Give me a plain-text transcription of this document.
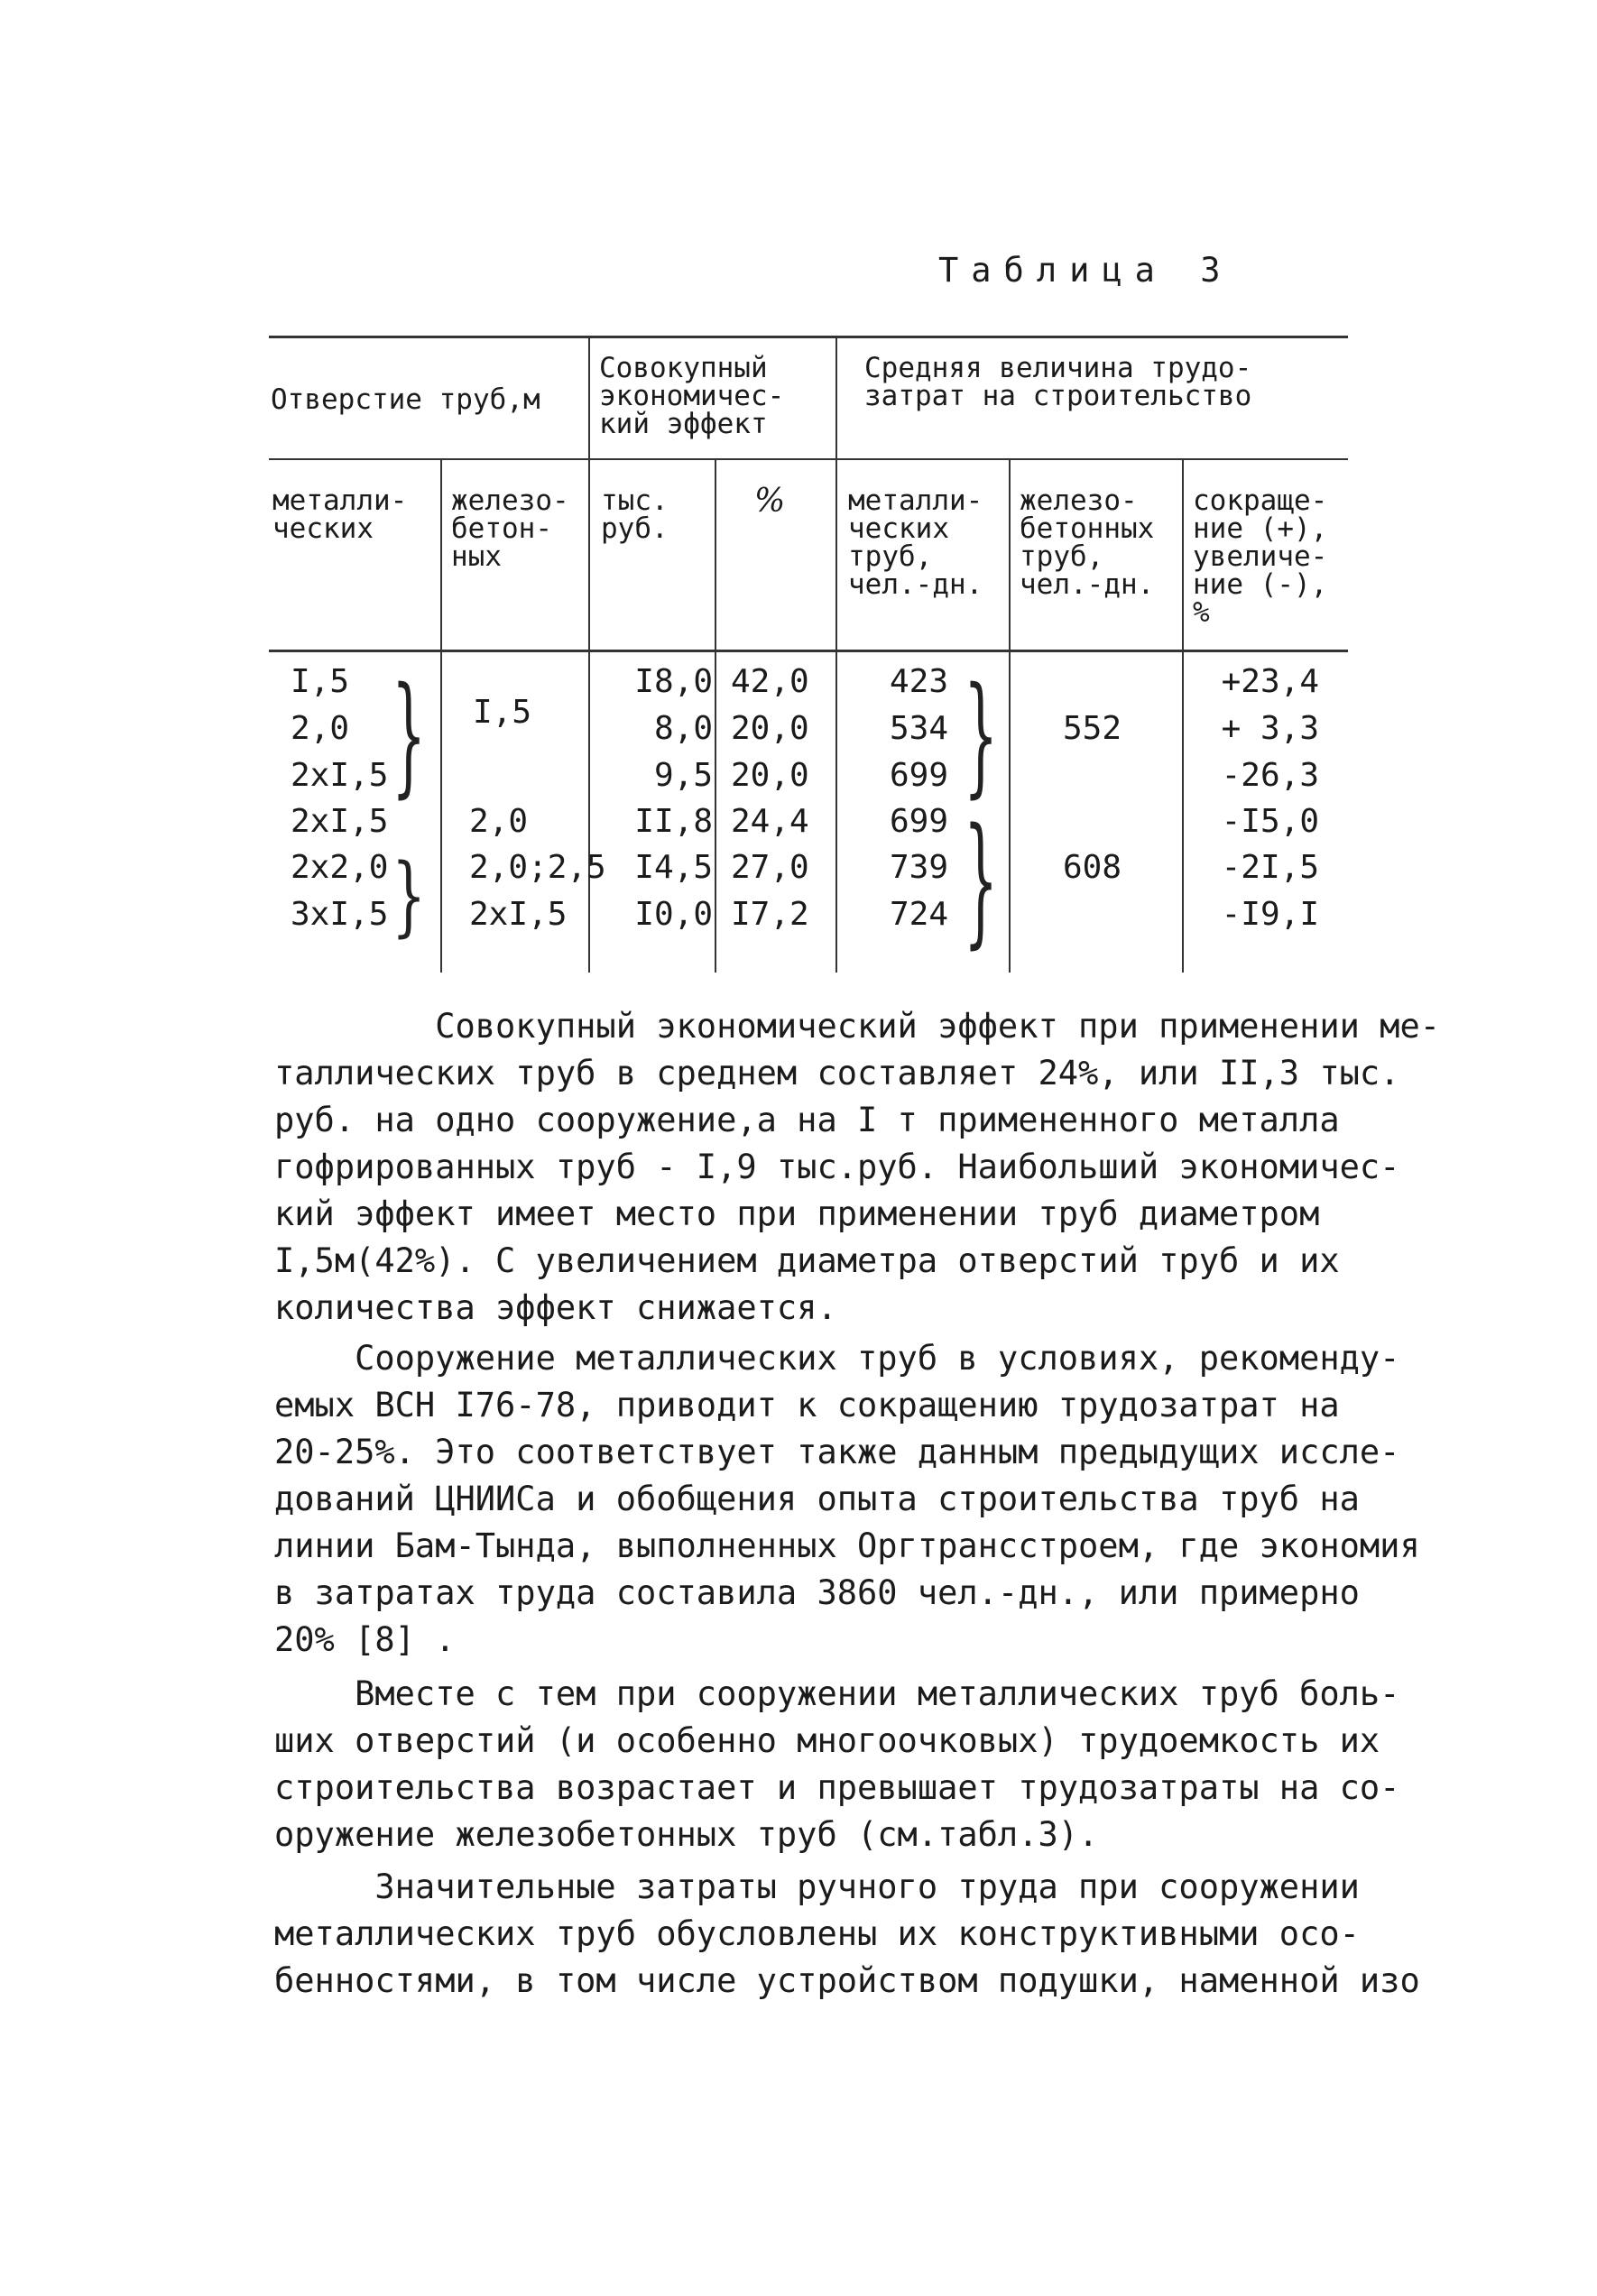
Таблица 3
Отверстие труб,м
Совокупный
экономичес-
кий эффект
Средняя величина трудо-
затрат на строительство
металли-
ческих
железо-
бетон-
ных
тыс.
руб.
% металли-
ческих
труб,
чел.-дн.
железо-
бетонных
труб,
чел.-дн.
сокраще-
ние (+),
увеличе-
ние (-),
%
I,5
2,0
2xI,5
2xI,5
2x2,0
3xI,5
}
}
}
}
I,5
2,0
2,0;2,5
2xI,5
I8,0
8,0
9,5
II,8
I4,5
I0,0
42,0
20,0
20,0
24,4
27,0
I7,2
423
534
699
699
739
724
552
608
+23,4
+ 3,3
-26,3
-I5,0
-2I,5
-I9,I
Совокупный экономический эффект при применении ме-
таллических труб в среднем составляет 24%, или II,3 тыс.
руб. на одно сооружение,а на I т примененного металла
гофрированных труб - I,9 тыс.руб. Наибольший экономичес-
кий эффект имеет место при применении труб диаметром
I,5м(42%). С увеличением диаметра отверстий труб и их
количества эффект снижается.
Сооружение металлических труб в условиях, рекоменду-
емых ВСН I76-78, приводит к сокращению трудозатрат на
20-25%. Это соответствует также данным предыдущих иссле-
дований ЦНИИСа и обобщения опыта строительства труб на
линии Бам-Тында, выполненных Оргтрансстроем, где экономия
в затратах труда составила 3860 чел.-дн., или примерно
20% [8] .
Вместе с тем при сооружении металлических труб боль-
ших отверстий (и особенно многоочковых) трудоемкость их
строительства возрастает и превышает трудозатраты на со-
оружение железобетонных труб (см.табл.3).
Значительные затраты ручного труда при сооружении
металлических труб обусловлены их конструктивными осо-
бенностями, в том числе устройством подушки, наменной изо
